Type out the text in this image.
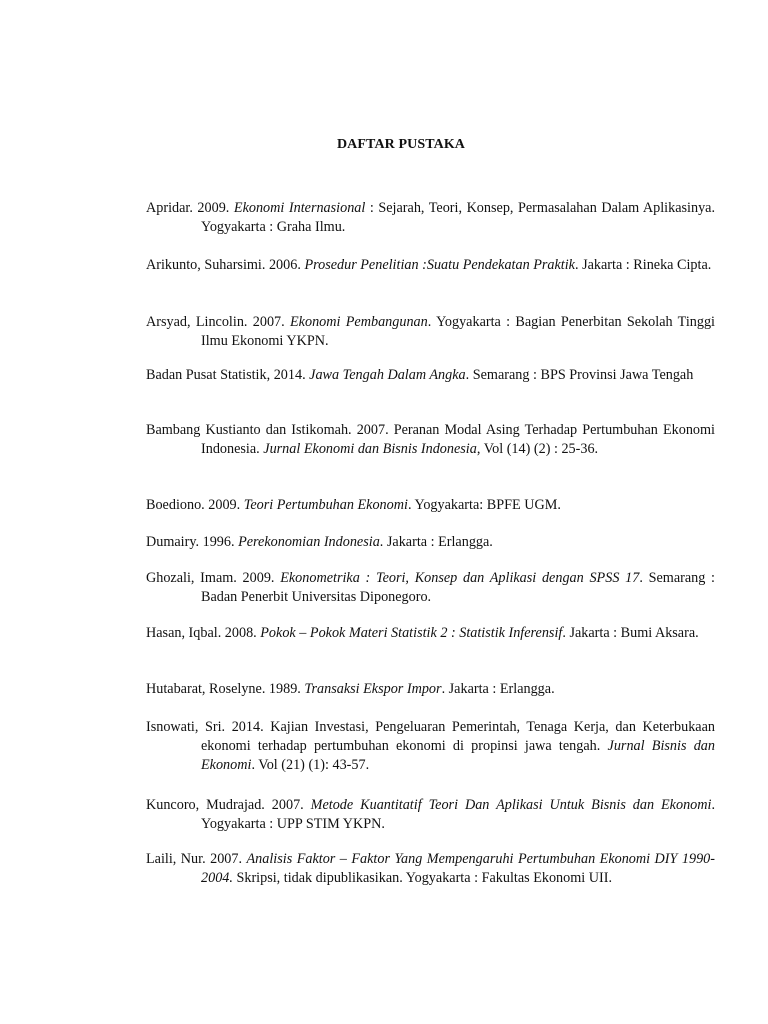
DAFTAR PUSTAKA

Apridar. 2009. Ekonomi Internasional : Sejarah, Teori, Konsep, Permasalahan Dalam Aplikasinya. Yogyakarta : Graha Ilmu.

Arikunto, Suharsimi. 2006. Prosedur Penelitian :Suatu Pendekatan Praktik. Jakarta : Rineka Cipta.

Arsyad, Lincolin. 2007. Ekonomi Pembangunan. Yogyakarta : Bagian Penerbitan Sekolah Tinggi Ilmu Ekonomi YKPN.

Badan Pusat Statistik, 2014. Jawa Tengah Dalam Angka. Semarang : BPS Provinsi Jawa Tengah

Bambang Kustianto dan Istikomah. 2007. Peranan Modal Asing Terhadap Pertumbuhan Ekonomi Indonesia. Jurnal Ekonomi dan Bisnis Indonesia, Vol (14) (2) : 25-36.

Boediono. 2009. Teori Pertumbuhan Ekonomi. Yogyakarta: BPFE UGM.

Dumairy. 1996. Perekonomian Indonesia. Jakarta : Erlangga.

Ghozali, Imam. 2009. Ekonometrika : Teori, Konsep dan Aplikasi dengan SPSS 17. Semarang : Badan Penerbit Universitas Diponegoro.

Hasan, Iqbal. 2008. Pokok – Pokok Materi Statistik 2 : Statistik Inferensif. Jakarta : Bumi Aksara.

Hutabarat, Roselyne. 1989. Transaksi Ekspor Impor. Jakarta : Erlangga.

Isnowati, Sri. 2014. Kajian Investasi, Pengeluaran Pemerintah, Tenaga Kerja, dan Keterbukaan ekonomi terhadap pertumbuhan ekonomi di propinsi jawa tengah. Jurnal Bisnis dan Ekonomi. Vol (21) (1): 43-57.

Kuncoro, Mudrajad. 2007. Metode Kuantitatif Teori Dan Aplikasi Untuk Bisnis dan Ekonomi. Yogyakarta : UPP STIM YKPN.

Laili, Nur. 2007. Analisis Faktor – Faktor Yang Mempengaruhi Pertumbuhan Ekonomi DIY 1990-2004. Skripsi, tidak dipublikasikan. Yogyakarta : Fakultas Ekonomi UII.
